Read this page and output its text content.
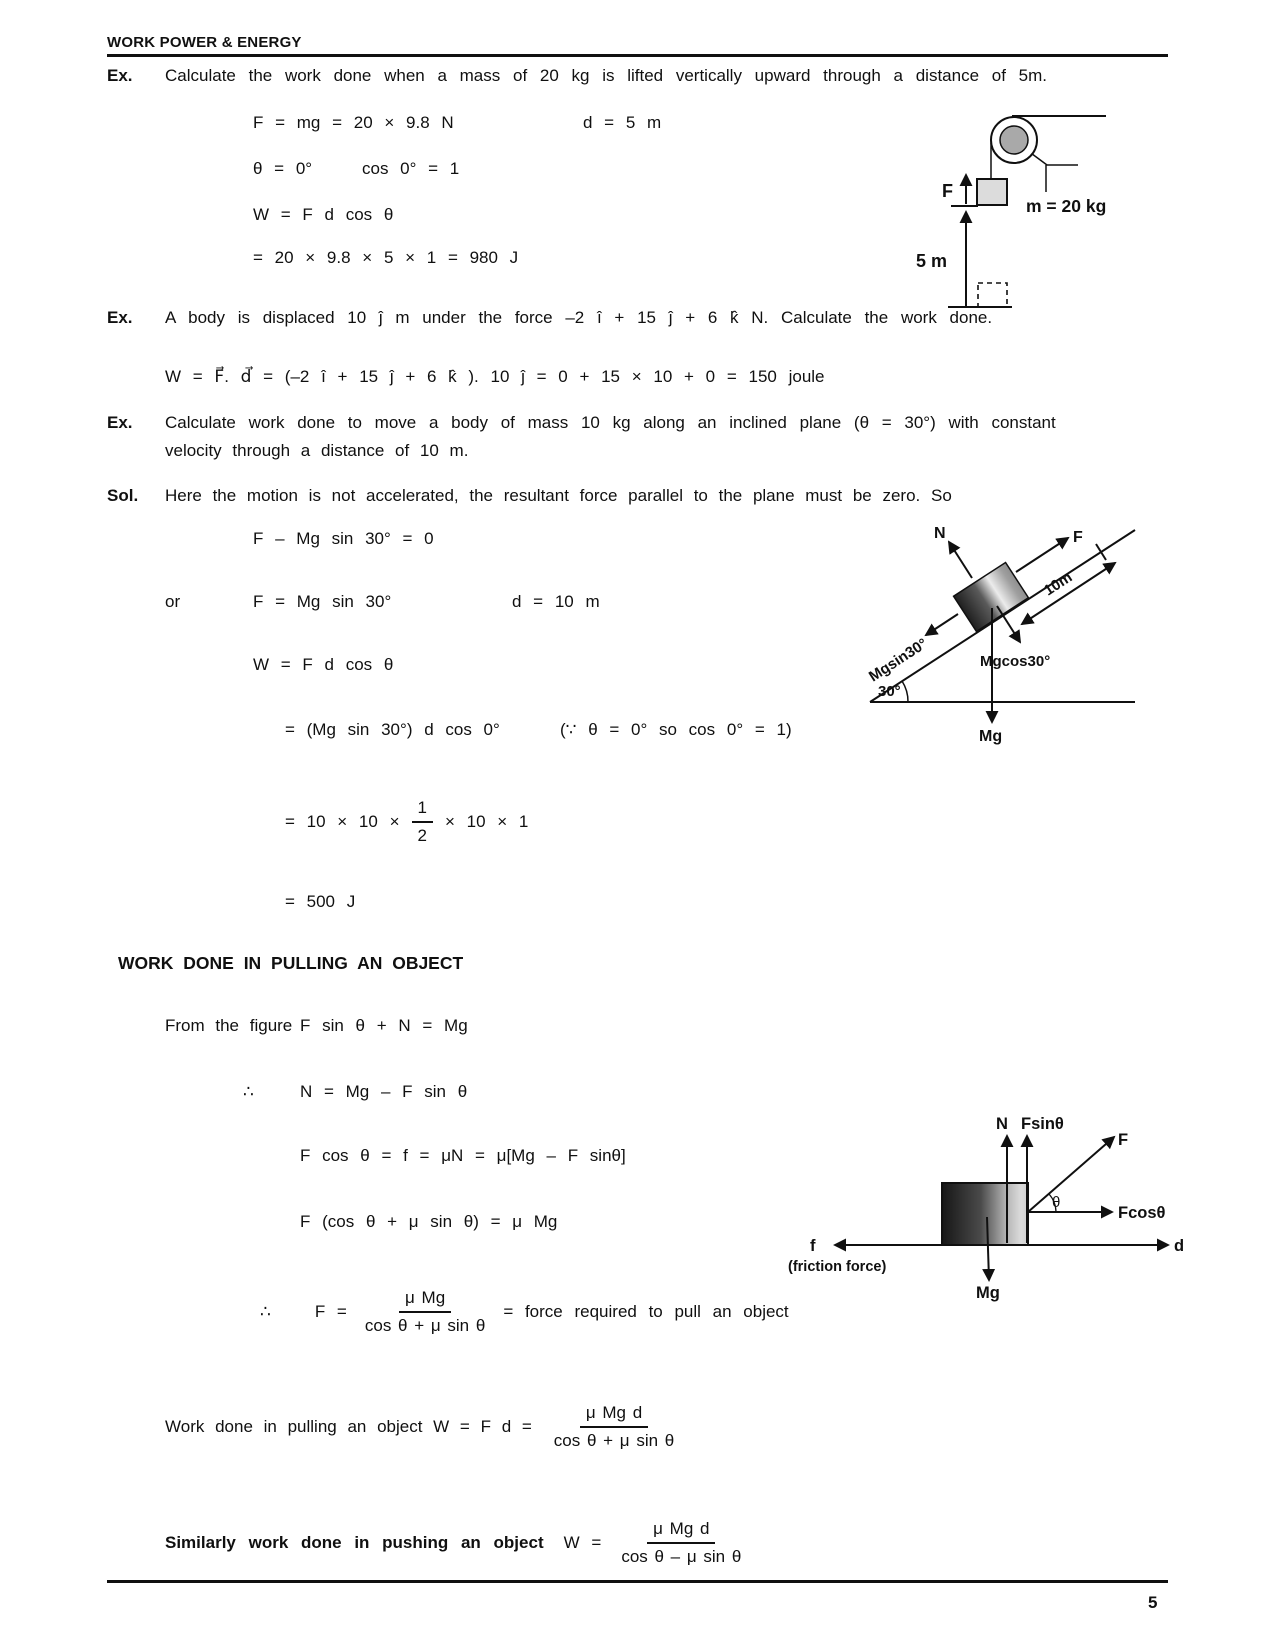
WORK POWER & ENERGY
Ex. Calculate the work done when a mass of 20 kg is lifted vertically upward through a distance of 5m.
F = mg = 20 × 9.8 N	d = 5 m
θ = 0°	cos 0° = 1
W = F d cos θ
= 20 × 9.8 × 5 × 1 = 980 J
F
5 m
m = 20 kg
Ex. A body is displaced 10 ĵ m under the force –2 î + 15 ĵ + 6 k̂ N. Calculate the work done.
W = F⃗. d⃗ = (–2 î + 15 ĵ + 6 k̂ ). 10 ĵ = 0 + 15 × 10 + 0 = 150 joule
Ex. Calculate work done to move a body of mass 10 kg along an inclined plane (θ = 30°) with constant
velocity through a distance of 10 m.
Sol. Here the motion is not accelerated, the resultant force parallel to the plane must be zero. So
F – Mg sin 30° = 0
or	F = Mg sin 30°	d = 10 m
W = F d cos θ
= (Mg sin 30°) d cos 0°	(∵ θ = 0° so cos 0° = 1)
= $10 \times 10 \times \frac{1}{2} \times 10 \times 1$
= 500 J
30°
N	F
Mgsin30°	Mgcos30°
Mg
10m
WORK DONE IN PULLING AN OBJECT
From the figure F sin θ + N = Mg
∴	N = Mg – F sin θ
F cos θ = f = μN = μ[Mg – F sinθ]
F (cos θ + μ sin θ) = μ Mg
∴	$F = \frac{\text{μ Mg}}{\text{cos θ + μ sin θ}}$ = force required to pull an object
Work done in pulling an object W = F $d = \frac{\text{μ Mg d}}{\text{cos θ + μ sin θ}}$
Similarly work done in pushing an object $W = \frac{\text{μ Mg d}}{\text{cos θ – μ sin θ}}$
N Fsinθ
F
Fcosθ
θ
Mg
f
(friction force)
d
5
